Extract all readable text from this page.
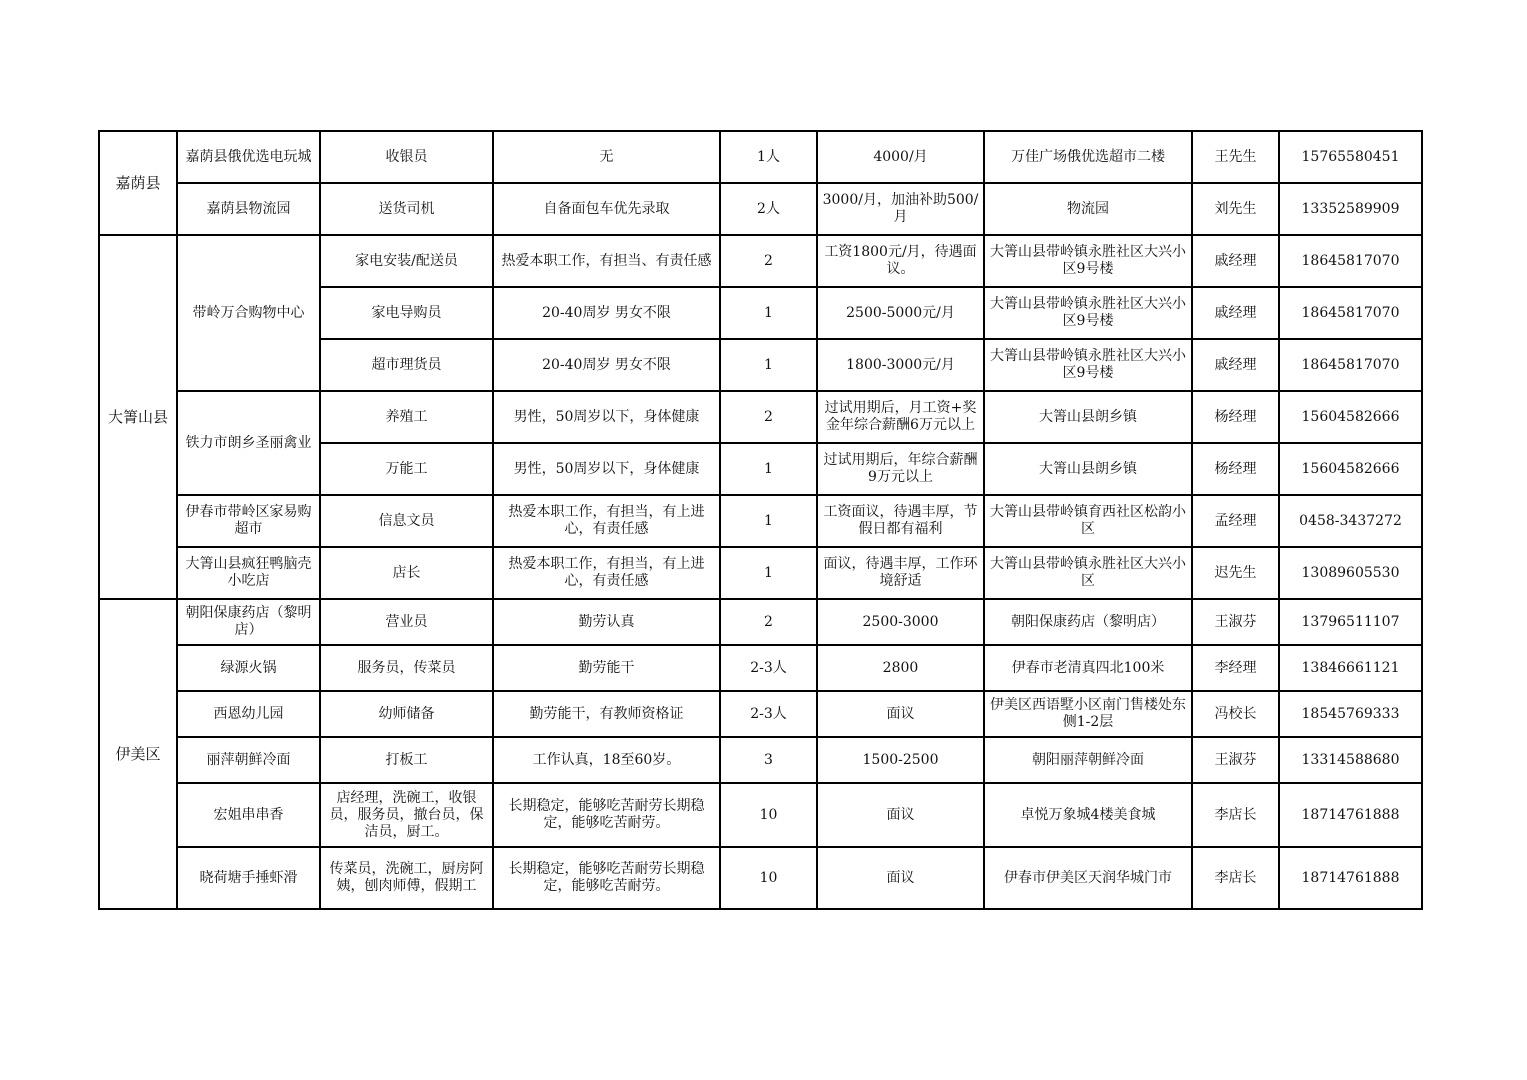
嘉荫县	嘉荫县俄优选电玩城	收银员	无	1人	4000/月	万佳广场俄优选超市二楼	王先生	15765580451
	嘉荫县物流园	送货司机	自备面包车优先录取	2人	3000/月，加油补助500/月	物流园	刘先生	13352589909
大箐山县	带岭万合购物中心	家电安装/配送员	热爱本职工作，有担当、有责任感	2	工资1800元/月，待遇面议。	大箐山县带岭镇永胜社区大兴小区9号楼	戚经理	18645817070
		家电导购员	20-40周岁 男女不限	1	2500-5000元/月	大箐山县带岭镇永胜社区大兴小区9号楼	戚经理	18645817070
		超市理货员	20-40周岁 男女不限	1	1800-3000元/月	大箐山县带岭镇永胜社区大兴小区9号楼	戚经理	18645817070
	铁力市朗乡圣丽禽业	养殖工	男性，50周岁以下，身体健康	2	过试用期后，月工资+奖金年综合薪酬6万元以上	大箐山县朗乡镇	杨经理	15604582666
		万能工	男性，50周岁以下，身体健康	1	过试用期后，年综合薪酬9万元以上	大箐山县朗乡镇	杨经理	15604582666
	伊春市带岭区家易购超市	信息文员	热爱本职工作，有担当，有上进心，有责任感	1	工资面议，待遇丰厚，节假日都有福利	大箐山县带岭镇育西社区松韵小区	孟经理	0458-3437272
	大箐山县疯狂鸭脑壳小吃店	店长	热爱本职工作，有担当，有上进心，有责任感	1	面议，待遇丰厚，工作环境舒适	大箐山县带岭镇永胜社区大兴小区	迟先生	13089605530
伊美区	朝阳保康药店（黎明店）	营业员	勤劳认真	2	2500-3000	朝阳保康药店（黎明店）	王淑芬	13796511107
	绿源火锅	服务员，传菜员	勤劳能干	2-3人	2800	伊春市老清真四北100米	李经理	13846661121
	西恩幼儿园	幼师储备	勤劳能干，有教师资格证	2-3人	面议	伊美区西语墅小区南门售楼处东侧1-2层	冯校长	18545769333
	丽萍朝鲜冷面	打板工	工作认真，18至60岁。	3	1500-2500	朝阳丽萍朝鲜冷面	王淑芬	13314588680
	宏姐串串香	店经理，洗碗工，收银员，服务员，撤台员，保洁员，厨工。	长期稳定，能够吃苦耐劳长期稳定，能够吃苦耐劳。	10	面议	卓悦万象城4楼美食城	李店长	18714761888
	晓荷塘手捶虾滑	传菜员，洗碗工，厨房阿姨，刨肉师傅，假期工	长期稳定，能够吃苦耐劳长期稳定，能够吃苦耐劳。	10	面议	伊春市伊美区天润华城门市	李店长	18714761888
